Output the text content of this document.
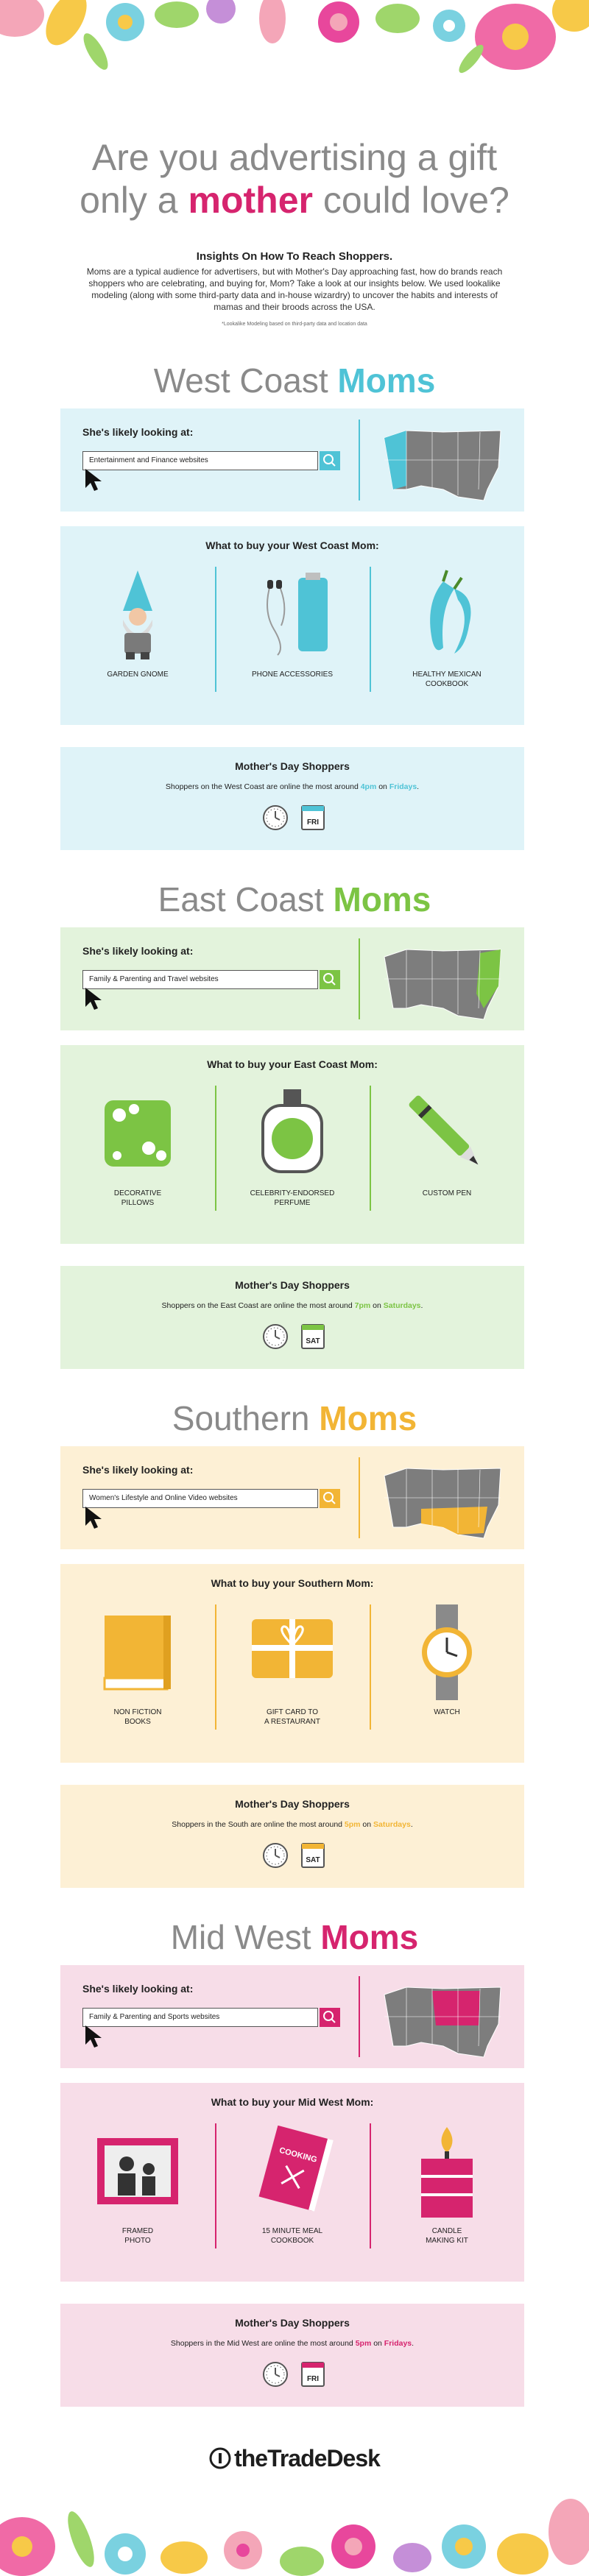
Are you advertising a gift
only a mother could love?
Insights On How To Reach Shoppers.

Moms are a typical audience for advertisers, but with Mother's Day approaching fast, how do brands reach shoppers who are celebrating, and buying for, Mom? Take a look at our insights below. We used lookalike modeling (along with some third-party data and in-house wizardry) to uncover the habits and interests of mamas and their broods across the USA.

*Lookalike Modeling based on third-party data and location data

West Coast Moms
She's likely looking at:
Entertainment and Finance websites
What to buy your West Coast Mom:
GARDEN GNOME	PHONE ACCESSORIES	HEALTHY MEXICAN
COOKBOOK
Mother's Day Shoppers
Shoppers on the West Coast are online the most around 4pm on Fridays.
FRI
East Coast Moms
She's likely looking at:
Family & Parenting and Travel websites
What to buy your East Coast Mom:
DECORATIVE
PILLOWS
CELEBRITY-ENDORSED
PERFUME
CUSTOM PEN
Mother's Day Shoppers
Shoppers on the East Coast are online the most around 7pm on Saturdays.
SAT
Southern Moms
She's likely looking at:
Women's Lifestyle and Online Video websites
What to buy your Southern Mom:
NON FICTION
BOOKS
GIFT CARD TO
A RESTAURANT
WATCH
Mother's Day Shoppers
Shoppers in the South are online the most around 5pm on Saturdays.
SAT
Mid West Moms
She's likely looking at:
Family & Parenting and Sports websites
What to buy your Mid West Mom:
FRAMED
PHOTO
COOKING
15 MINUTE MEAL
COOKBOOK
CANDLE
MAKING KIT
Mother's Day Shoppers
Shoppers in the Mid West are online the most around 5pm on Fridays.
FRI
theTradeDesk
